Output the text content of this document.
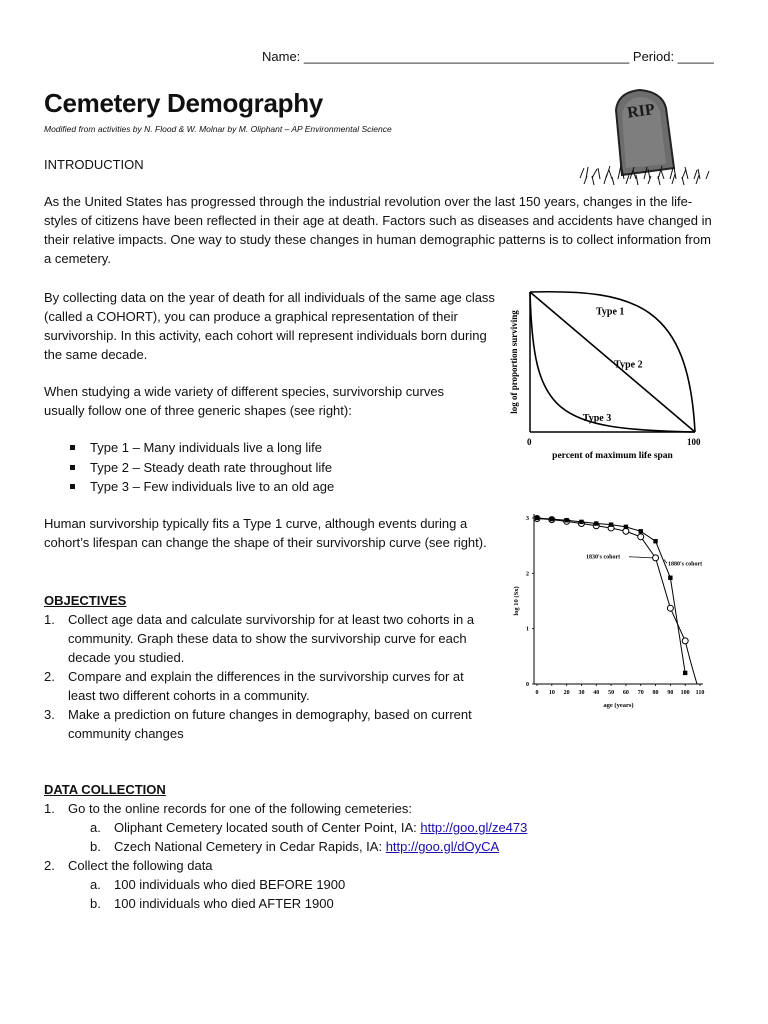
Name: _____________________________________________ Period: _____
Cemetery Demography
Modified from activities by N. Flood & W. Molnar by M. Oliphant – AP Environmental Science
RIP
INTRODUCTION
As the United States has progressed through the industrial revolution over the last 150 years, changes in the life-styles of citizens have been reflected in their age at death. Factors such as diseases and accidents have changed in their relative impacts. One way to study these changes in human demographic patterns is to collect information from a cemetery.
By collecting data on the year of death for all individuals of the same age class (called a COHORT), you can produce a graphical representation of their survivorship. In this activity, each cohort will represent individuals born during the same decade.
When studying a wide variety of different species, survivorship curves usually follow one of three generic shapes (see right):
Type 1 – Many individuals live a long life
Type 2 – Steady death rate throughout life
Type 3 – Few individuals live to an old age
Human survivorship typically fits a Type 1 curve, although events during a cohort’s lifespan can change the shape of their survivorship curve (see right).
OBJECTIVES
1. Collect age data and calculate survivorship for at least two cohorts in a community. Graph these data to show the survivorship curve for each decade you studied.
2. Compare and explain the differences in the survivorship curves for at least two different cohorts in a community.
3. Make a prediction on future changes in demography, based on current community changes
DATA COLLECTION
1. Go to the online records for one of the following cemeteries:
a. Oliphant Cemetery located south of Center Point, IA: http://goo.gl/ze473
b. Czech National Cemetery in Cedar Rapids, IA: http://goo.gl/dOyCA
2. Collect the following data
a. 100 individuals who died BEFORE 1900
b. 100 individuals who died AFTER 1900
0	100
percent of maximum life span
log of proportion surviving	Type 1
Type 2
Type 3
0 10 20 30 40 50 60 70 80 90 100 110
0
1
2
3
age (years)
log 10 (Sx)
1830's cohort
1880's cohort
